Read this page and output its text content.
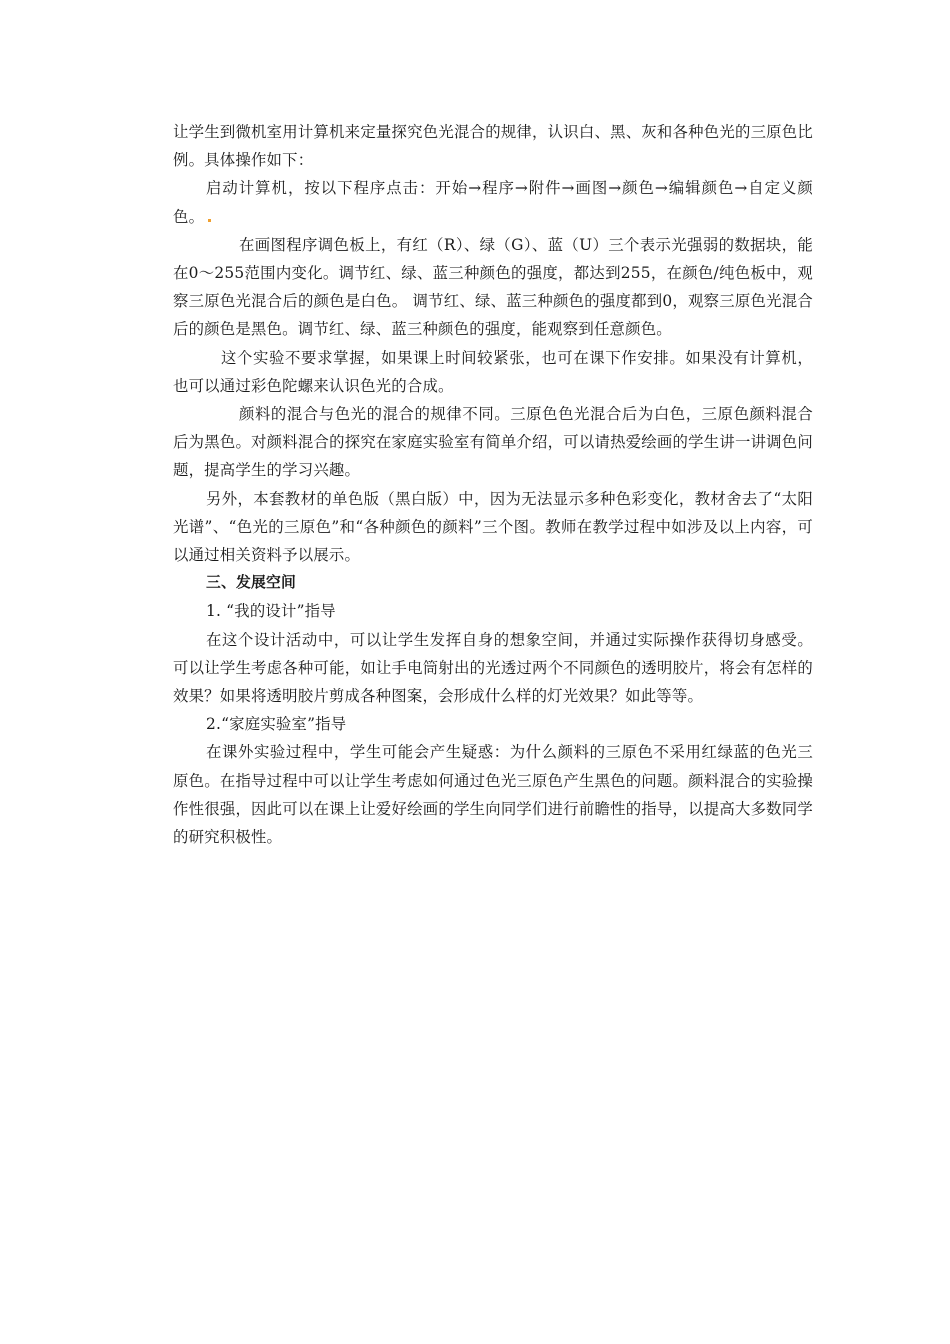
让学生到微机室用计算机来定量探究色光混合的规律，认识白、黑、灰和各种色光的三原色比例。具体操作如下：

启动计算机，按以下程序点击：开始→程序→附件→画图→颜色→编辑颜色→自定义颜色。

在画图程序调色板上，有红（R）、绿（G）、蓝（U）三个表示光强弱的数据块，能在0～255范围内变化。调节红、绿、蓝三种颜色的强度，都达到255，在颜色/纯色板中，观察三原色光混合后的颜色是白色。 调节红、绿、蓝三种颜色的强度都到0，观察三原色光混合后的颜色是黑色。调节红、绿、蓝三种颜色的强度，能观察到任意颜色。

这个实验不要求掌握，如果课上时间较紧张，也可在课下作安排。如果没有计算机，也可以通过彩色陀螺来认识色光的合成。

颜料的混合与色光的混合的规律不同。三原色色光混合后为白色，三原色颜料混合后为黑色。对颜料混合的探究在家庭实验室有简单介绍，可以请热爱绘画的学生讲一讲调色问题，提高学生的学习兴趣。

另外，本套教材的单色版（黑白版）中，因为无法显示多种色彩变化，教材舍去了“太阳光谱”、“色光的三原色”和“各种颜色的颜料”三个图。教师在教学过程中如涉及以上内容，可以通过相关资料予以展示。

三、发展空间

1. “我的设计”指导

在这个设计活动中，可以让学生发挥自身的想象空间，并通过实际操作获得切身感受。可以让学生考虑各种可能，如让手电筒射出的光透过两个不同颜色的透明胶片，将会有怎样的效果？如果将透明胶片剪成各种图案，会形成什么样的灯光效果？如此等等。

2.“家庭实验室”指导

在课外实验过程中，学生可能会产生疑惑：为什么颜料的三原色不采用红绿蓝的色光三原色。在指导过程中可以让学生考虑如何通过色光三原色产生黑色的问题。颜料混合的实验操作性很强，因此可以在课上让爱好绘画的学生向同学们进行前瞻性的指导，以提高大多数同学的研究积极性。
